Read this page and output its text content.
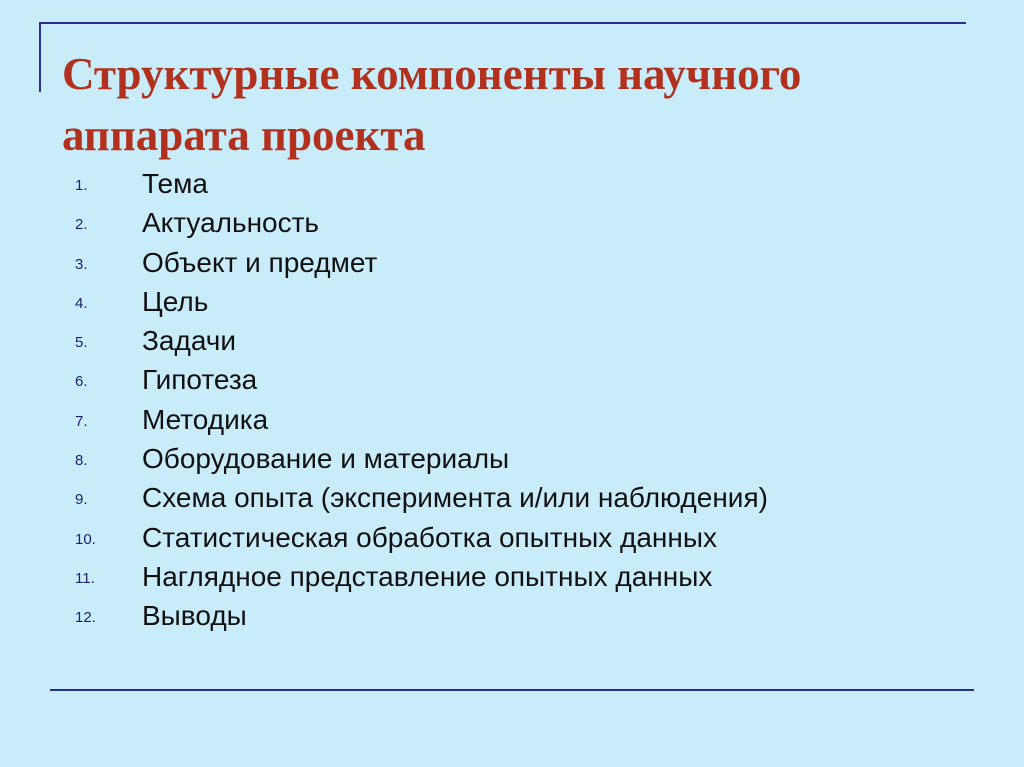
Структурные компоненты научного
аппарата проекта
1.	Тема
2.	Актуальность
3.	Объект и предмет
4.	Цель
5.	Задачи
6.	Гипотеза
7.	Методика
8.	Оборудование и материалы
9.	Схема опыта (эксперимента и/или наблюдения)
10.	Статистическая обработка опытных данных
11.	Наглядное представление опытных данных
12.	Выводы
